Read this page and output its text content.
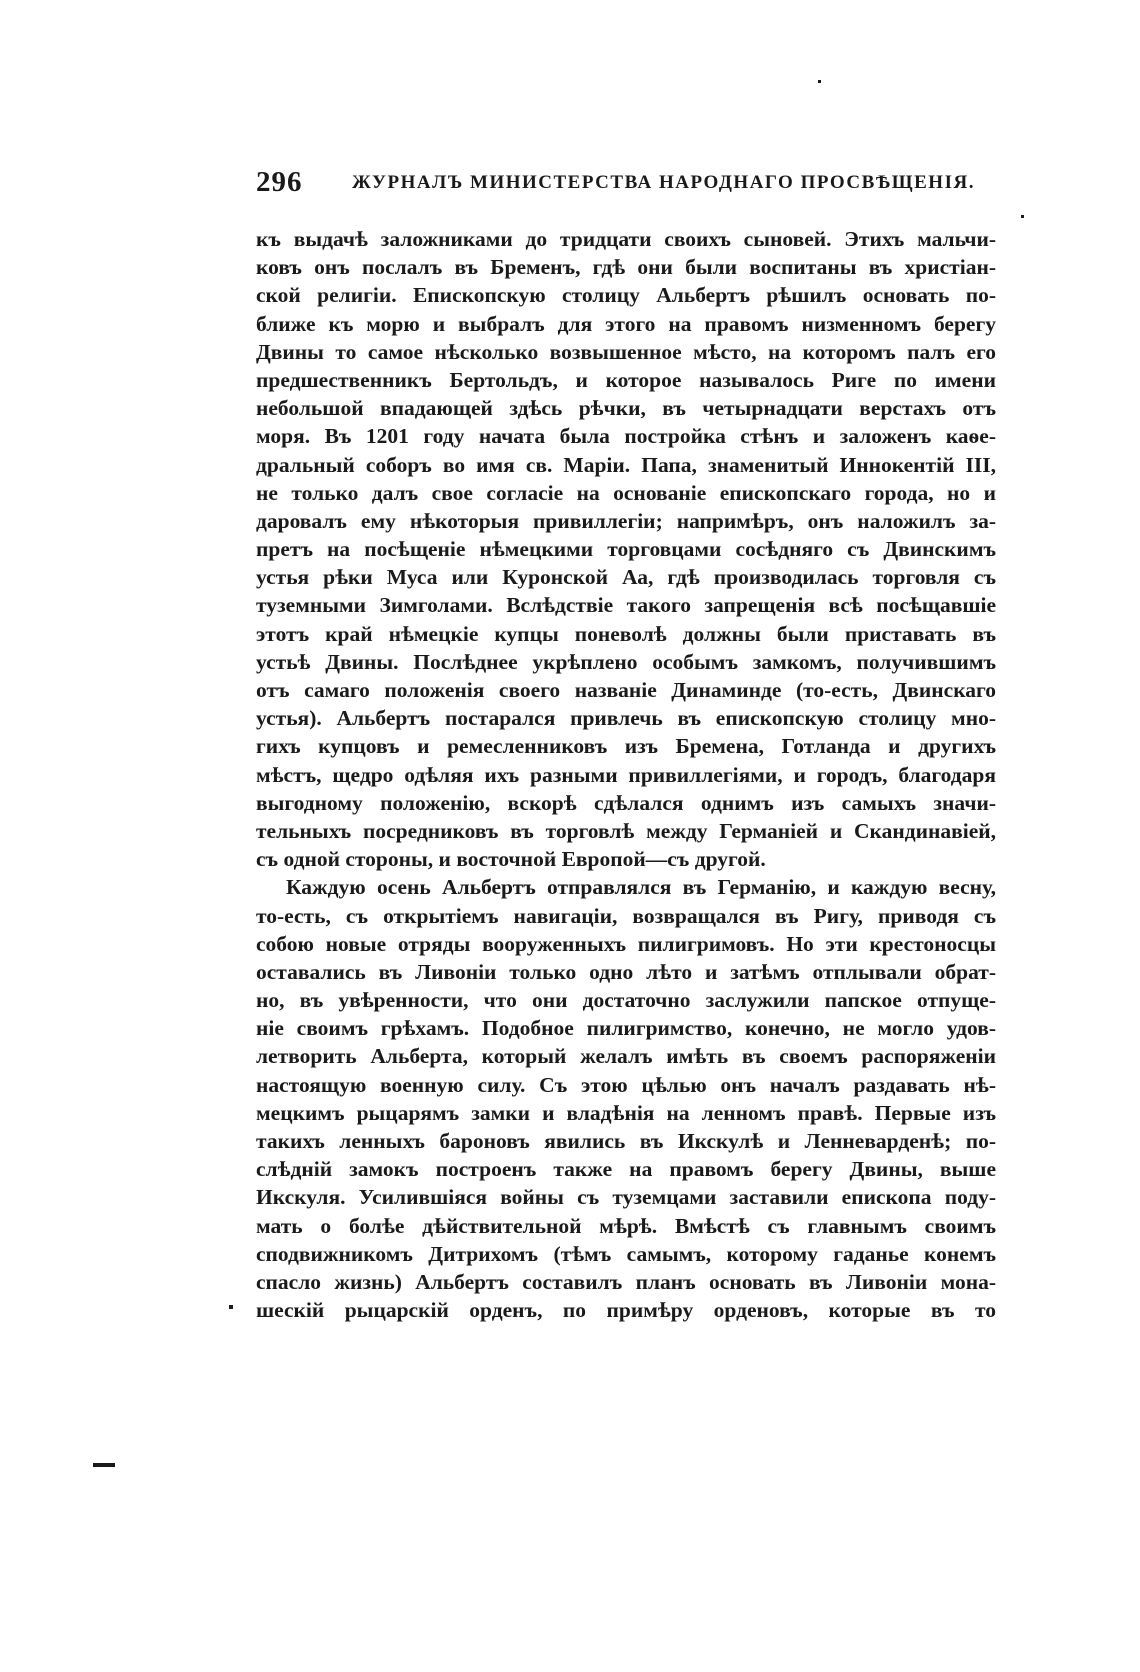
296	ЖУРНАЛЪ МИНИСТЕРСТВА НАРОДНАГО ПРОСВѢЩЕНІЯ.
къ выдачѣ заложниками до тридцати своихъ сыновей. Этихъ мальчи-
ковъ онъ послалъ въ Бременъ, гдѣ они были воспитаны въ христіан-
ской религіи. Епископскую столицу Альбертъ рѣшилъ основать по-
ближе къ морю и выбралъ для этого на правомъ низменномъ берегу
Двины то самое нѣсколько возвышенное мѣсто, на которомъ палъ его
предшественникъ Бертольдъ, и которое называлось Риге по имени
небольшой впадающей здѣсь рѣчки, въ четырнадцати верстахъ отъ
моря. Въ 1201 году начата была постройка стѣнъ и заложенъ каѳе-
дральный соборъ во имя св. Маріи. Папа, знаменитый Иннокентій III,
не только далъ свое согласіе на основаніе епископскаго города, но и
даровалъ ему нѣкоторыя привиллегіи; напримѣръ, онъ наложилъ за-
претъ на посѣщеніе нѣмецкими торговцами сосѣдняго съ Двинскимъ
устья рѣки Муса или Куронской Аа, гдѣ производилась торговля съ
туземными Зимголами. Вслѣдствіе такого запрещенія всѣ посѣщавшіе
этотъ край нѣмецкіе купцы поневолѣ должны были приставать въ
устьѣ Двины. Послѣднее укрѣплено особымъ замкомъ, получившимъ
отъ самаго положенія своего названіе Динаминде (то-есть, Двинскаго
устья). Альбертъ постарался привлечь въ епископскую столицу мно-
гихъ купцовъ и ремесленниковъ изъ Бремена, Готланда и другихъ
мѣстъ, щедро одѣляя ихъ разными привиллегіями, и городъ, благодаря
выгодному положенію, вскорѣ сдѣлался однимъ изъ самыхъ значи-
тельныхъ посредниковъ въ торговлѣ между Германіей и Скандинавіей,
съ одной стороны, и восточной Европой—съ другой.
Каждую осень Альбертъ отправлялся въ Германію, и каждую весну,
то-есть, съ открытіемъ навигаціи, возвращался въ Ригу, приводя съ
собою новые отряды вооруженныхъ пилигримовъ. Но эти крестоносцы
оставались въ Ливоніи только одно лѣто и затѣмъ отплывали обрат-
но, въ увѣренности, что они достаточно заслужили папское отпуще-
ніе своимъ грѣхамъ. Подобное пилигримство, конечно, не могло удов-
летворить Альберта, который желалъ имѣть въ своемъ распоряженіи
настоящую военную силу. Съ этою цѣлью онъ началъ раздавать нѣ-
мецкимъ рыцарямъ замки и владѣнія на ленномъ правѣ. Первые изъ
такихъ ленныхъ бароновъ явились въ Икскулѣ и Ленневарденѣ; по-
слѣдній замокъ построенъ также на правомъ берегу Двины, выше
Икскуля. Усилившіяся войны съ туземцами заставили епископа поду-
мать о болѣе дѣйствительной мѣрѣ. Вмѣстѣ съ главнымъ своимъ
сподвижникомъ Дитрихомъ (тѣмъ самымъ, которому гаданье конемъ
спасло жизнь) Альбертъ составилъ планъ основать въ Ливоніи мона-
шескій рыцарскій орденъ, по примѣру орденовъ, которые въ то
